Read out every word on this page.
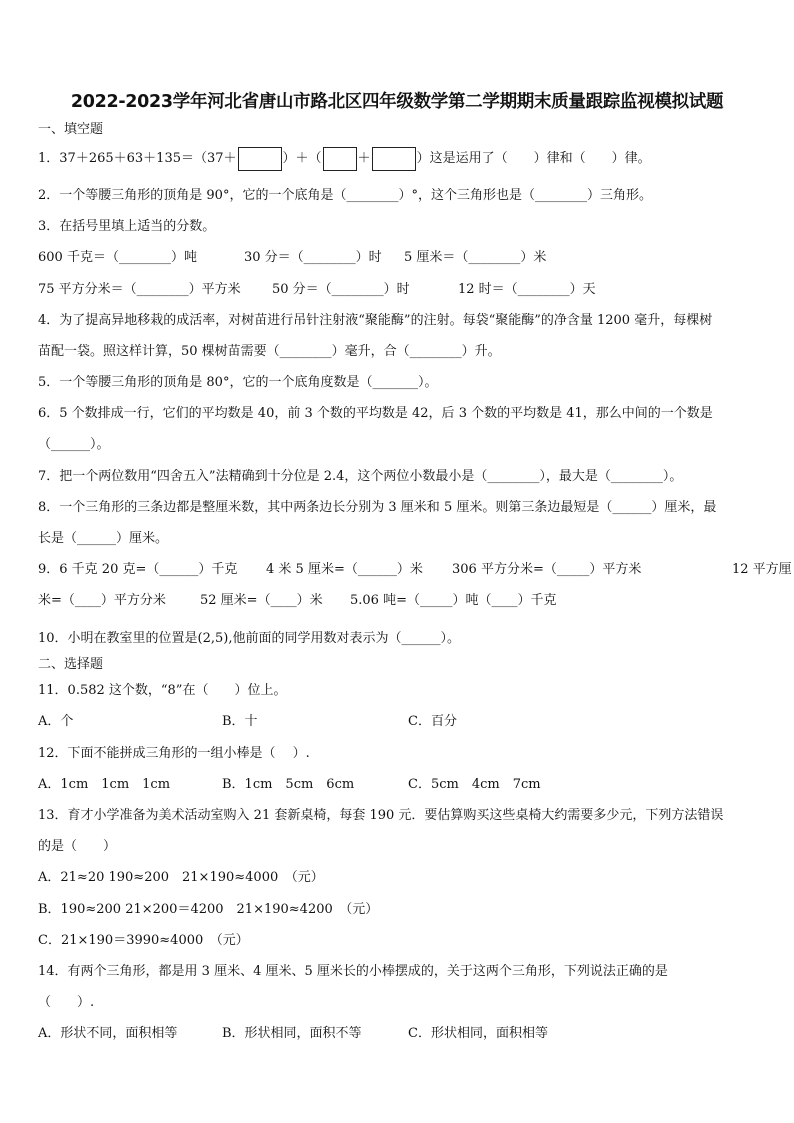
2022-2023学年河北省唐山市路北区四年级数学第二学期期末质量跟踪监视模拟试题
一、填空题
1．37＋265＋63＋135＝（37＋	）＋（	＋	）这是运用了（　　）律和（　　）律。
2．一个等腰三角形的顶角是 90°，它的一个底角是（________）°，这个三角形也是（________）三角形。
3．在括号里填上适当的分数。
600 千克＝（________）吨	30 分＝（________）时 5 厘米＝（________）米
75 平方分米＝（________）平方米 50 分＝（________）时	12 时＝（________）天
4．为了提高异地移栽的成活率，对树苗进行吊针注射液“聚能酶”的注射。每袋“聚能酶”的净含量 1200 毫升，每棵树
苗配一袋。照这样计算，50 棵树苗需要（________）毫升，合（________）升。
5．一个等腰三角形的顶角是 80°，它的一个底角度数是（_______）。
6．5 个数排成一行，它们的平均数是 40，前 3 个数的平均数是 42，后 3 个数的平均数是 41，那么中间的一个数是
（______）。
7．把一个两位数用“四舍五入”法精确到十分位是 2.4，这个两位小数最小是（________），最大是（________）。
8．一个三角形的三条边都是整厘米数，其中两条边长分别为 3 厘米和 5 厘米。则第三条边最短是（______）厘米，最
长是（______）厘米。
9．6 千克 20 克=（______）千克 4 米 5 厘米=（______）米 306 平方分米=（_____）平方米	12 平方厘
米=（____）平方分米	52 厘米=（____）米 5.06 吨=（_____）吨（____）千克
10．小明在教室里的位置是(2,5),他前面的同学用数对表示为（______）。
二、选择题
11．0.582 这个数，“8”在（　　）位上。
A．个	B．十	C．百分
12．下面不能拼成三角形的一组小棒是（　 ）.
A．1cm　1cm　1cm	B．1cm　5cm　6cm	C．5cm　4cm　7cm
13．育才小学准备为美术活动室购入 21 套新桌椅，每套 190 元．要估算购买这些桌椅大约需要多少元，下列方法错误
的是（　　）
A．21≈20 190≈200　21×190≈4000　（元）
B．190≈200 21×200＝4200　21×190≈4200　（元）
C．21×190＝3990≈4000　（元）
14．有两个三角形，都是用 3 厘米、4 厘米、5 厘米长的小棒摆成的，关于这两个三角形，下列说法正确的是
（　　）.
A．形状不同，面积相等	B．形状相同，面积不等	C．形状相同，面积相等
